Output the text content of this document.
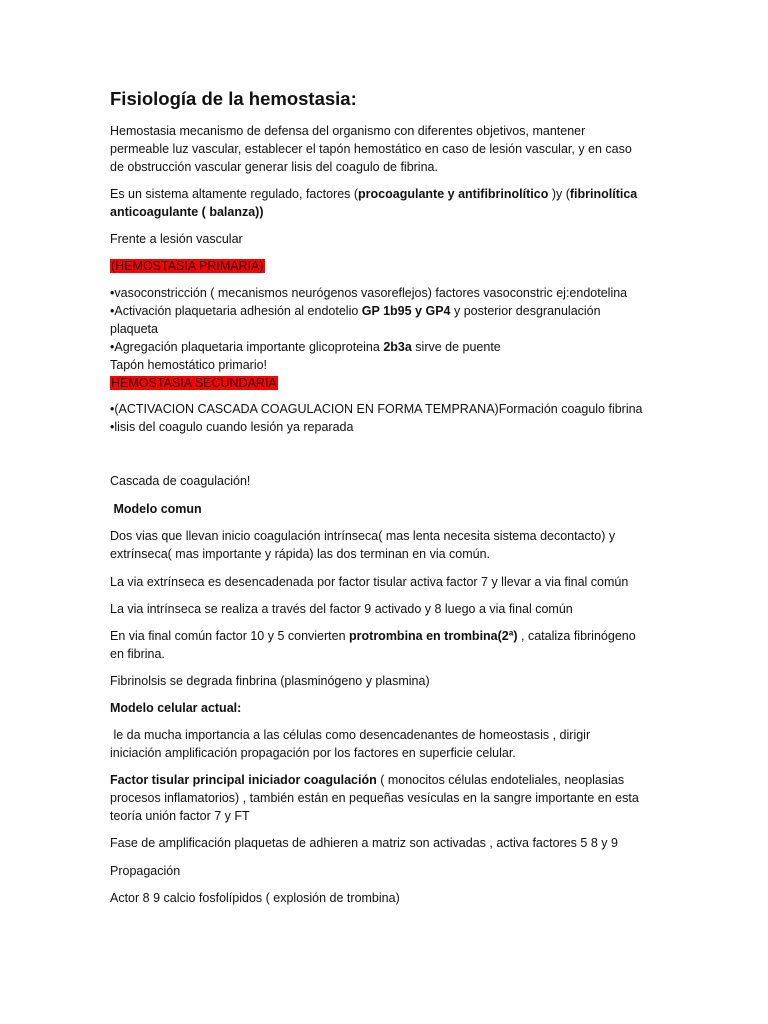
Fisiología de la hemostasia:

Hemostasia mecanismo de defensa del organismo con diferentes objetivos, mantener

permeable luz vascular, establecer el tapón hemostático en caso de lesión vascular, y en caso

de obstrucción vascular generar lisis del coagulo de fibrina.

Es un sistema altamente regulado, factores (procoagulante y antifibrinolítico )y (fibrinolítica

anticoagulante ( balanza))

Frente a lesión vascular

(HEMOSTASIA PRIMARIA)

•vasoconstricción ( mecanismos neurógenos vasoreflejos) factores vasoconstric ej:endotelina

•Activación plaquetaria adhesión al endotelio GP 1b95 y GP4 y posterior desgranulación

plaqueta

•Agregación plaquetaria importante glicoproteina 2b3a sirve de puente

Tapón hemostático primario!

HEMOSTASIA SECUNDARIA

•(ACTIVACION CASCADA COAGULACION EN FORMA TEMPRANA)Formación coagulo fibrina

•lisis del coagulo cuando lesión ya reparada

Cascada de coagulación!

Modelo comun

Dos vias que llevan inicio coagulación intrínseca( mas lenta necesita sistema decontacto) y

extrínseca( mas importante y rápida) las dos terminan en via común.

La via extrínseca es desencadenada por factor tisular activa factor 7 y llevar a via final común

La via intrínseca se realiza a través del factor 9 activado y 8 luego a via final común

En via final común factor 10 y 5 convierten protrombina en trombina(2ª) , cataliza fibrinógeno

en fibrina.

Fibrinolsis se degrada finbrina (plasminógeno y plasmina)

Modelo celular actual:

le da mucha importancia a las células como desencadenantes de homeostasis , dirigir

iniciación amplificación propagación por los factores en superficie celular.

Factor tisular principal iniciador coagulación ( monocitos células endoteliales, neoplasias

procesos inflamatorios) , también están en pequeñas vesículas en la sangre importante en esta

teoría unión factor 7 y FT

Fase de amplificación plaquetas de adhieren a matriz son activadas , activa factores 5 8 y 9

Propagación

Actor 8 9 calcio fosfolípidos ( explosión de trombina)
